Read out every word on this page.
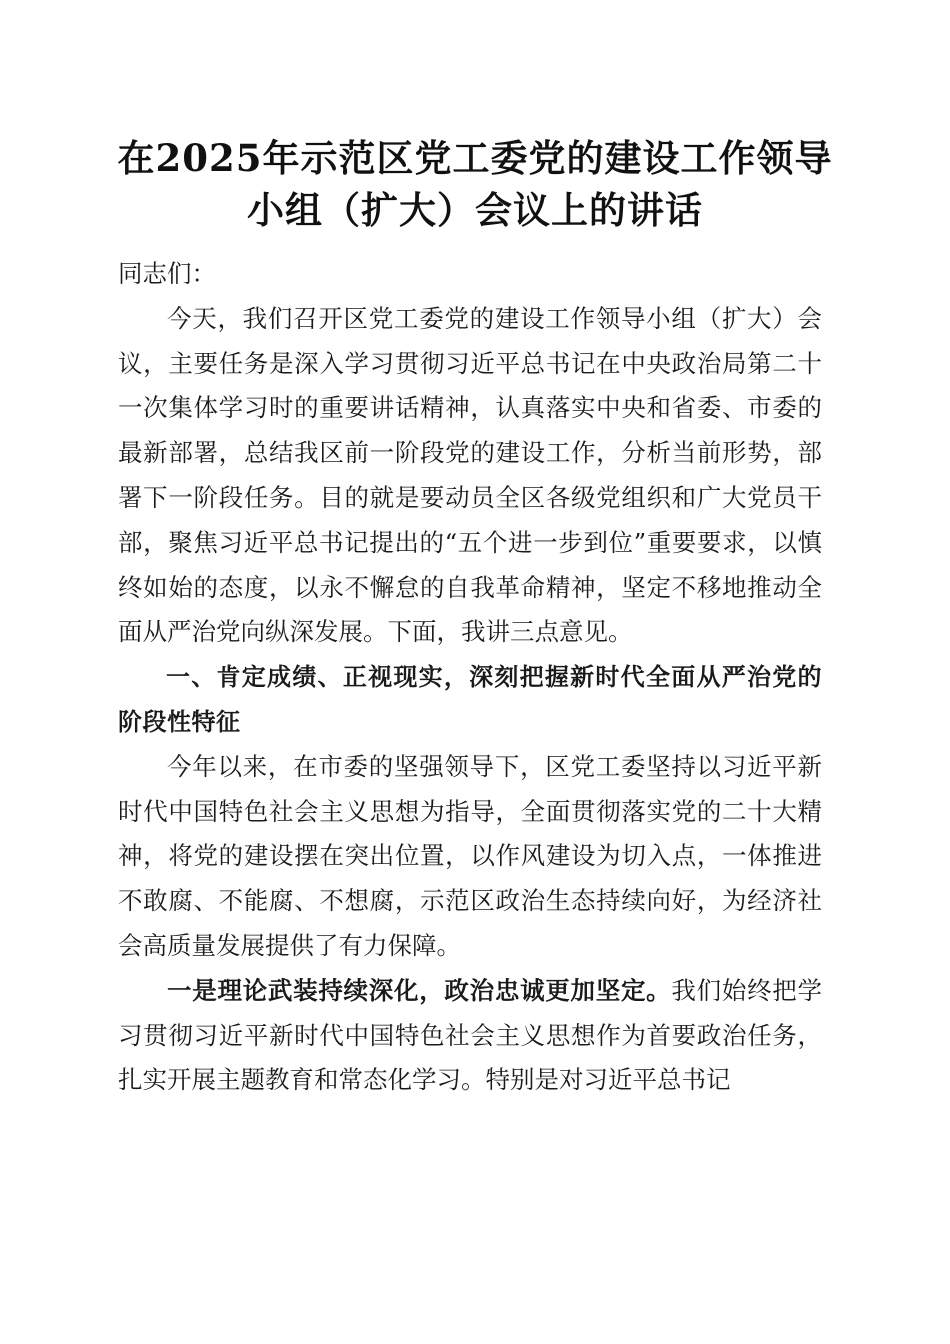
在2025年示范区党工委党的建设工作领导小组（扩大）会议上的讲话

同志们：

今天，我们召开区党工委党的建设工作领导小组（扩大）会议，主要任务是深入学习贯彻习近平总书记在中央政治局第二十一次集体学习时的重要讲话精神，认真落实中央和省委、市委的最新部署，总结我区前一阶段党的建设工作，分析当前形势，部署下一阶段任务。目的就是要动员全区各级党组织和广大党员干部，聚焦习近平总书记提出的“五个进一步到位”重要要求，以慎终如始的态度，以永不懈怠的自我革命精神，坚定不移地推动全面从严治党向纵深发展。下面，我讲三点意见。

一、肯定成绩、正视现实，深刻把握新时代全面从严治党的阶段性特征

今年以来，在市委的坚强领导下，区党工委坚持以习近平新时代中国特色社会主义思想为指导，全面贯彻落实党的二十大精神，将党的建设摆在突出位置，以作风建设为切入点，一体推进不敢腐、不能腐、不想腐，示范区政治生态持续向好，为经济社会高质量发展提供了有力保障。

一是理论武装持续深化，政治忠诚更加坚定。我们始终把学习贯彻习近平新时代中国特色社会主义思想作为首要政治任务，扎实开展主题教育和常态化学习。特别是对习近平总书记
